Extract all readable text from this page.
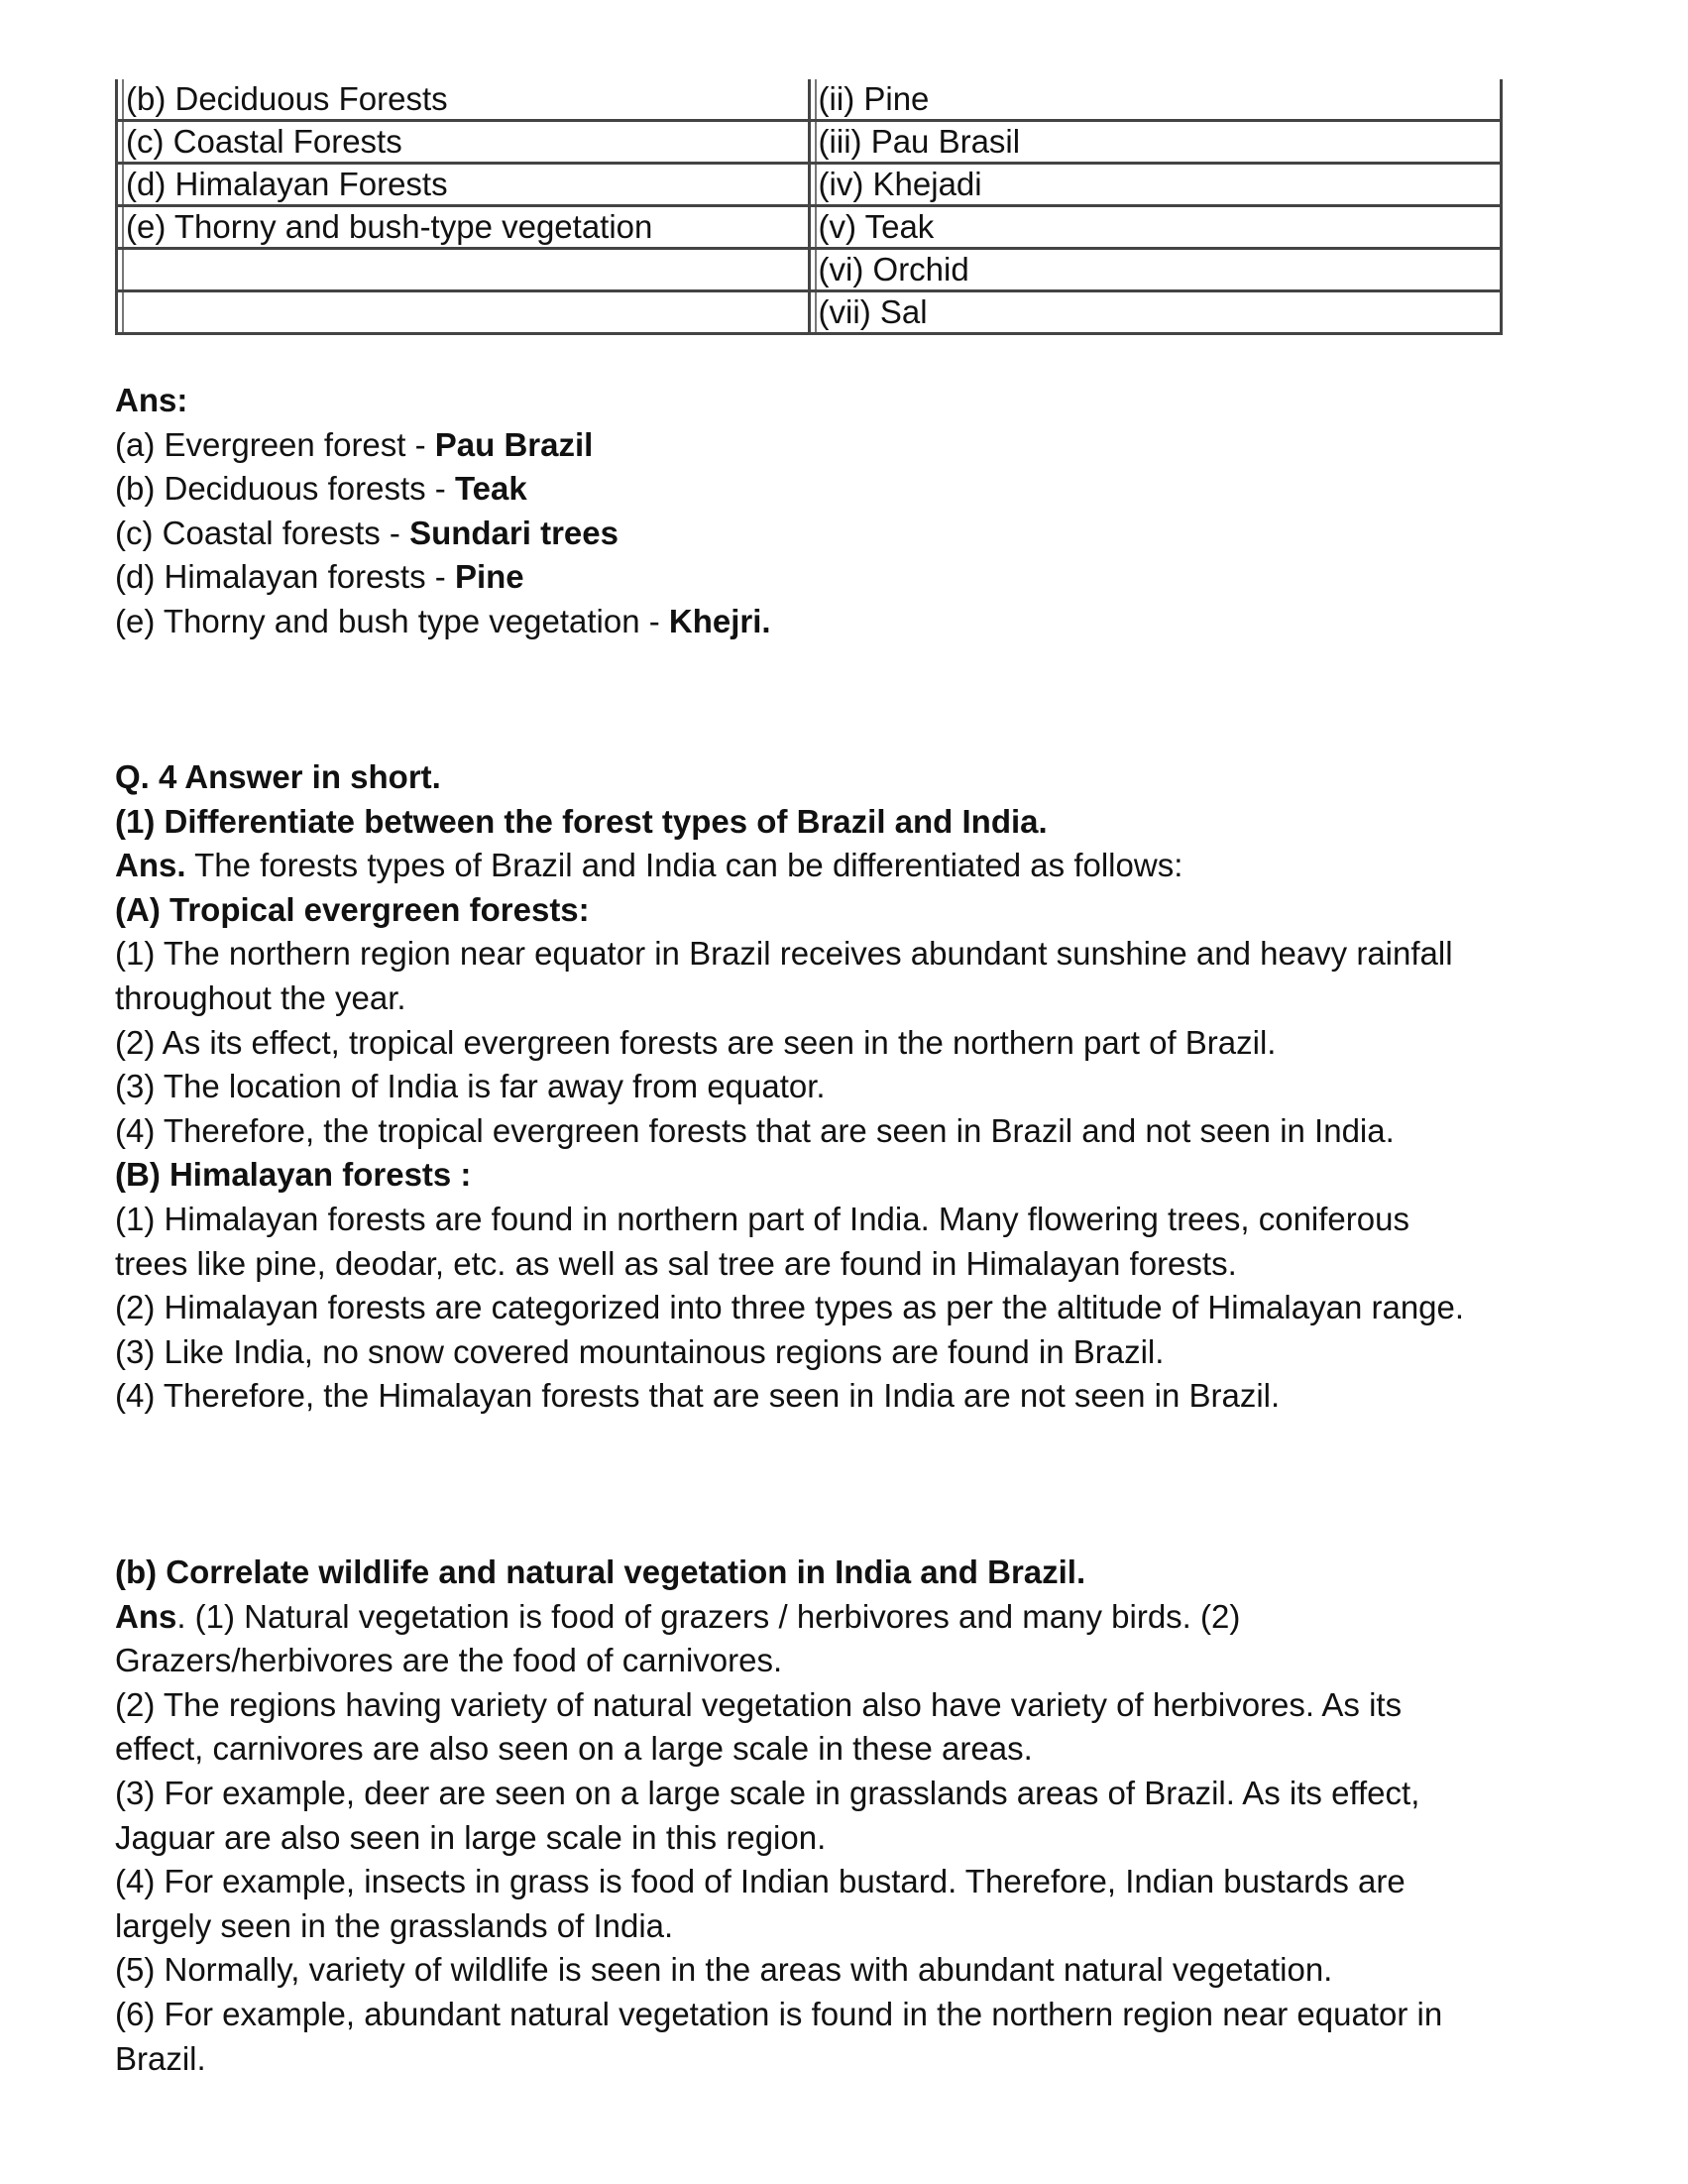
(b) Deciduous Forests	(ii) Pine
(c) Coastal Forests	(iii) Pau Brasil
(d) Himalayan Forests	(iv) Khejadi
(e) Thorny and bush-type vegetation	(v) Teak
	(vi) Orchid
	(vii) Sal
Ans:
(a) Evergreen forest - Pau Brazil
(b) Deciduous forests - Teak
(c) Coastal forests - Sundari trees
(d) Himalayan forests - Pine
(e) Thorny and bush type vegetation - Khejri.
Q. 4 Answer in short.
(1) Differentiate between the forest types of Brazil and India.
Ans. The forests types of Brazil and India can be differentiated as follows:
(A) Tropical evergreen forests:
(1) The northern region near equator in Brazil receives abundant sunshine and heavy rainfall
throughout the year.
(2) As its effect, tropical evergreen forests are seen in the northern part of Brazil.
(3) The location of India is far away from equator.
(4) Therefore, the tropical evergreen forests that are seen in Brazil and not seen in India.
(B) Himalayan forests :
(1) Himalayan forests are found in northern part of India. Many flowering trees, coniferous
trees like pine, deodar, etc. as well as sal tree are found in Himalayan forests.
(2) Himalayan forests are categorized into three types as per the altitude of Himalayan range.
(3) Like India, no snow covered mountainous regions are found in Brazil.
(4) Therefore, the Himalayan forests that are seen in India are not seen in Brazil.
(b) Correlate wildlife and natural vegetation in India and Brazil.
Ans. (1) Natural vegetation is food of grazers / herbivores and many birds. (2)
Grazers/herbivores are the food of carnivores.
(2) The regions having variety of natural vegetation also have variety of herbivores. As its
effect, carnivores are also seen on a large scale in these areas.
(3) For example, deer are seen on a large scale in grasslands areas of Brazil. As its effect,
Jaguar are also seen in large scale in this region.
(4) For example, insects in grass is food of Indian bustard. Therefore, Indian bustards are
largely seen in the grasslands of India.
(5) Normally, variety of wildlife is seen in the areas with abundant natural vegetation.
(6) For example, abundant natural vegetation is found in the northern region near equator in
Brazil.
